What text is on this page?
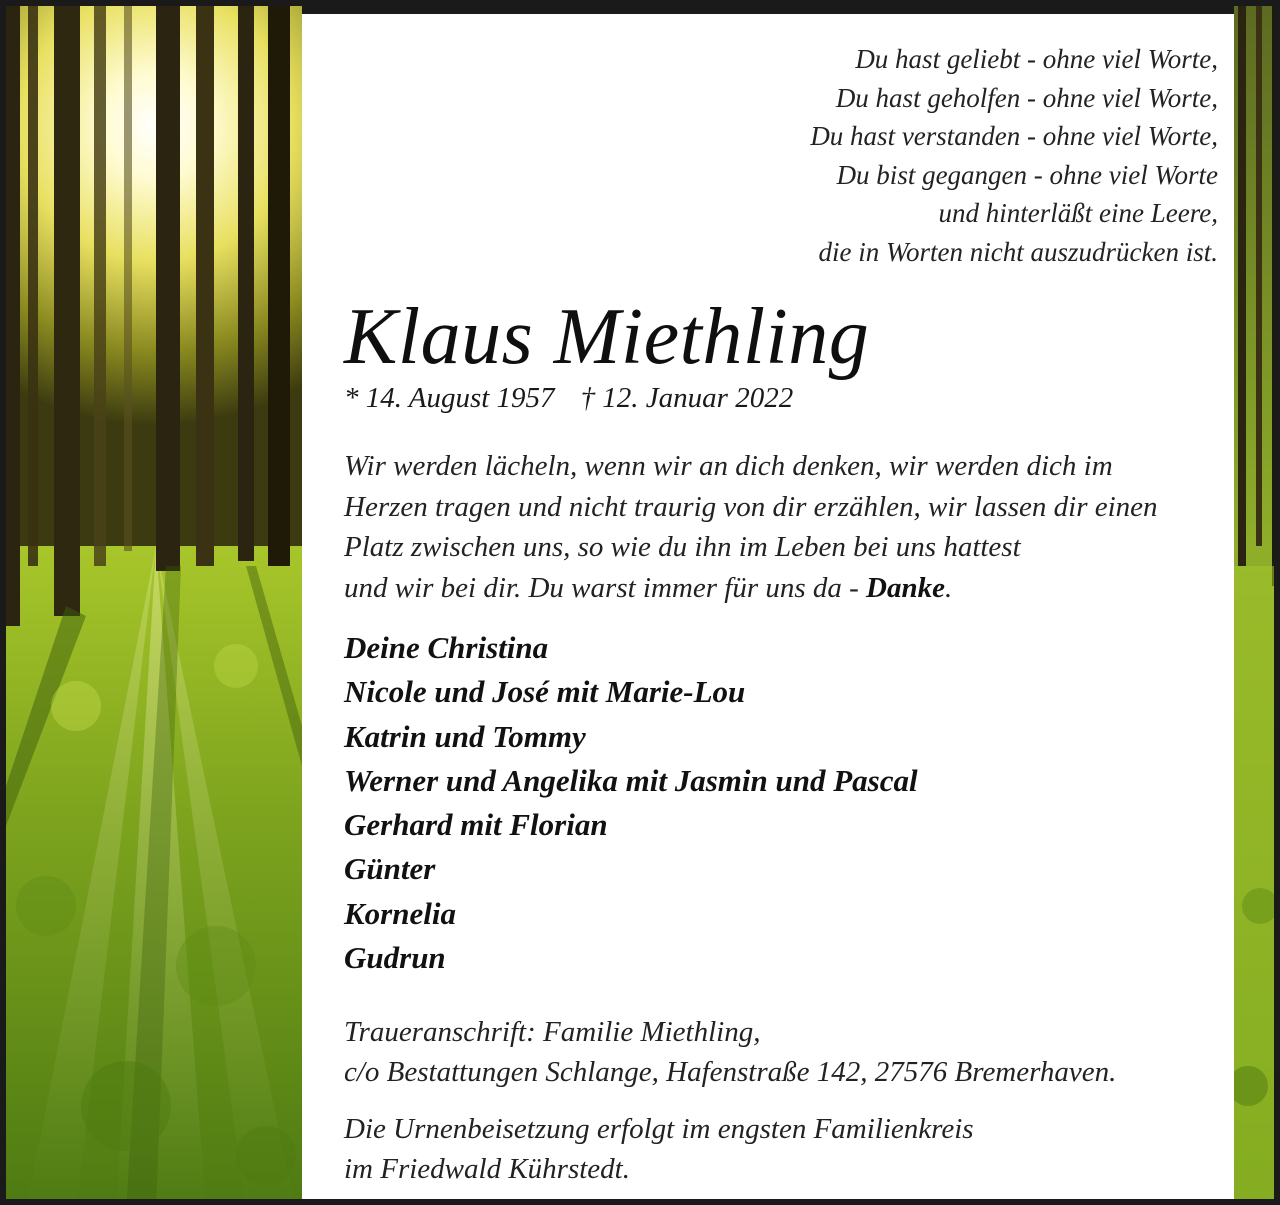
Du hast geliebt - ohne viel Worte,
Du hast geholfen - ohne viel Worte,
Du hast verstanden - ohne viel Worte,
Du bist gegangen - ohne viel Worte
und hinterläßt eine Leere,
die in Worten nicht auszudrücken ist.
Klaus Miethling
* 14. August 1957 † 12. Januar 2022
Wir werden lächeln, wenn wir an dich denken, wir werden dich im
Herzen tragen und nicht traurig von dir erzählen, wir lassen dir einen
Platz zwischen uns, so wie du ihn im Leben bei uns hattest
und wir bei dir. Du warst immer für uns da - Danke.
Deine Christina
Nicole und José mit Marie-Lou
Katrin und Tommy
Werner und Angelika mit Jasmin und Pascal
Gerhard mit Florian
Günter
Kornelia
Gudrun
Traueranschrift: Familie Miethling,
c/o Bestattungen Schlange, Hafenstraße 142, 27576 Bremerhaven.
Die Urnenbeisetzung erfolgt im engsten Familienkreis
im Friedwald Kührstedt.
